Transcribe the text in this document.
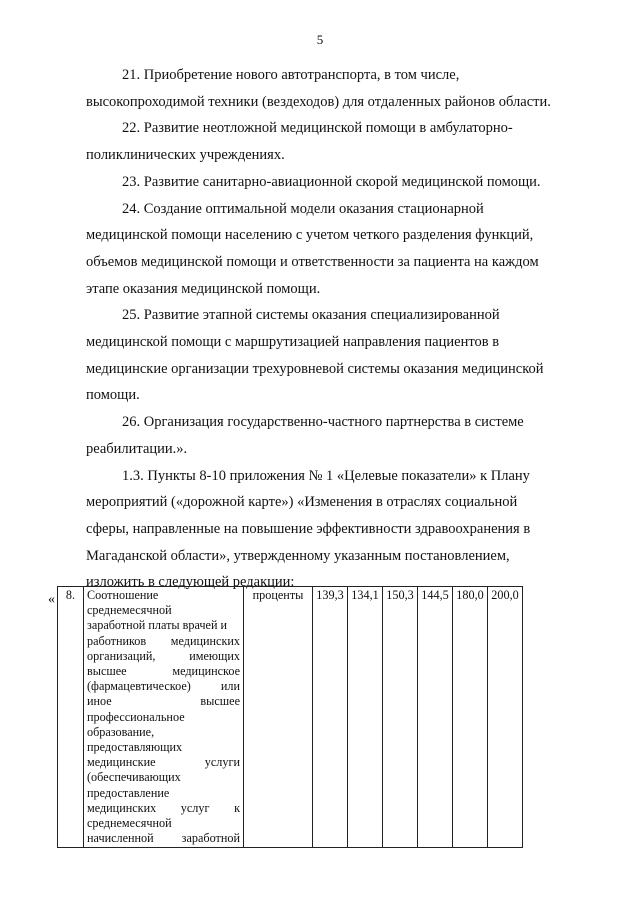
5

21. Приобретение нового автотранспорта, в том числе,
высокопроходимой техники (вездеходов) для отдаленных районов области.

22. Развитие неотложной медицинской помощи в амбулаторно-
поликлинических учреждениях.

23. Развитие санитарно-авиационной скорой медицинской помощи.

24. Создание оптимальной модели оказания стационарной
медицинской помощи населению с учетом четкого разделения функций,
объемов медицинской помощи и ответственности за пациента на каждом
этапе оказания медицинской помощи.

25. Развитие этапной системы оказания специализированной
медицинской помощи с маршрутизацией направления пациентов в
медицинские организации трехуровневой системы оказания медицинской
помощи.

26. Организация государственно-частного партнерства в системе
реабилитации.».

1.3. Пункты 8-10 приложения № 1 «Целевые показатели» к Плану
мероприятий («дорожной карте») «Изменения в отраслях социальной
сферы, направленные на повышение эффективности здравоохранения в
Магаданской области», утвержденному указанным постановлением,
изложить в следующей редакции:

« 8.	Соотношение
среднемесячной
заработной платы врачей и
работников медицинских
организаций, имеющих
высшее медицинское
(фармацевтическое) или
иное высшее
профессиональное
образование,
предоставляющих
медицинские услуги
(обеспечивающих
предоставление
медицинских услуг к
среднемесячной
начисленной заработной
	проценты	139,3	134,1	150,3	144,5	180,0	200,0
